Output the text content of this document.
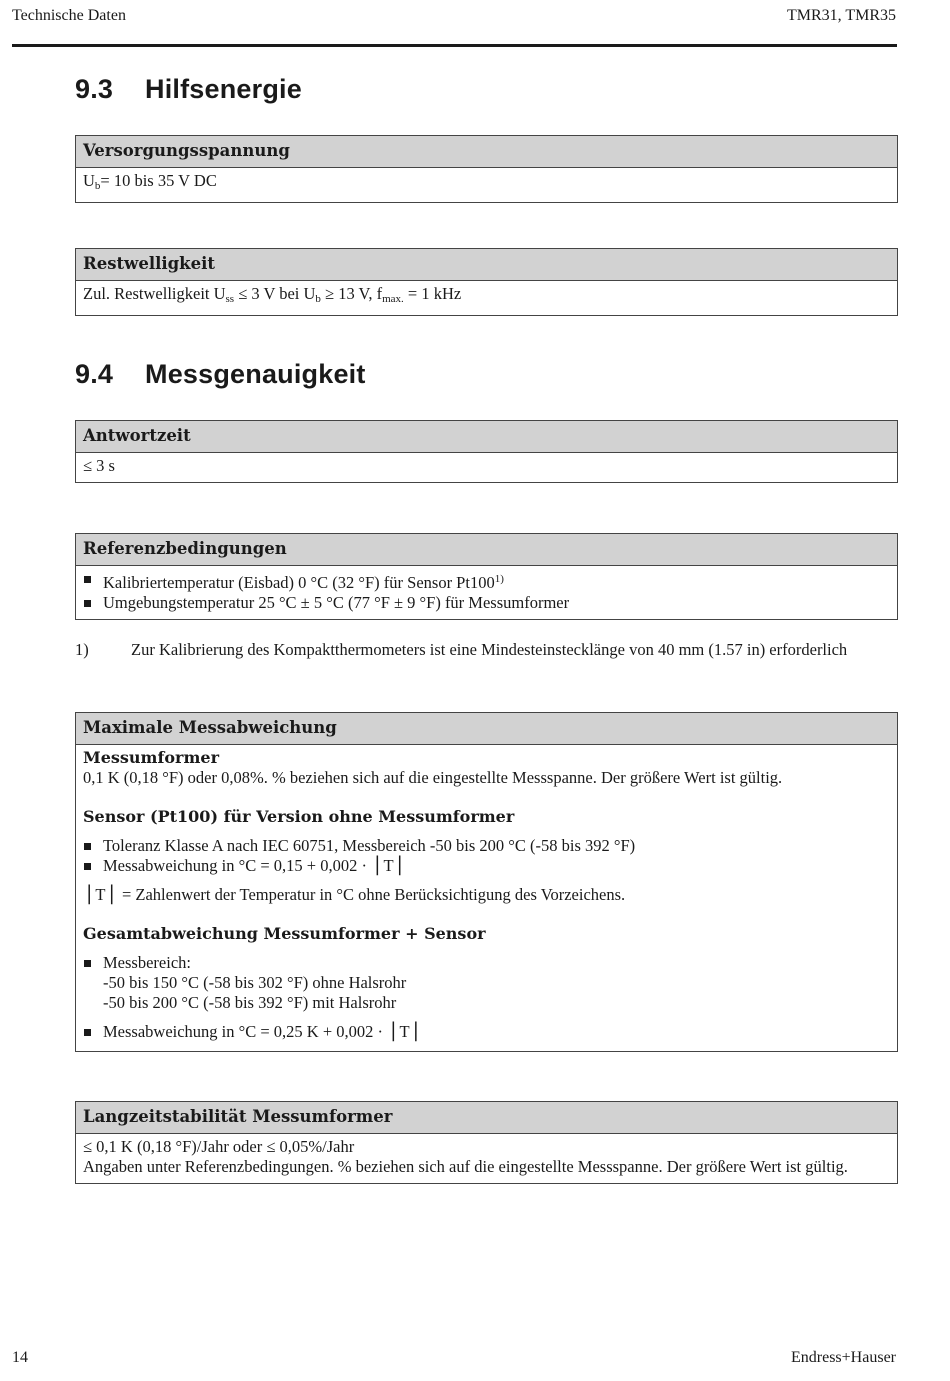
Technische Daten	TMR31, TMR35
9.3 Hilfsenergie
Versorgungsspannung
$U_b= 10$ bis 35 V DC
Restwelligkeit
Zul. Restwelligkeit $U_{ss} \le 3$ V bei $U_b \ge 13$ V, $f_{max.} = 1$ kHz
9.4 Messgenauigkeit
Antwortzeit
≤ 3 s
Referenzbedingungen
Kalibriertemperatur (Eisbad) 0 °C (32 °F) für Sensor Pt100$^{1)}$
Umgebungstemperatur 25 °C ± 5 °C (77 °F ± 9 °F) für Messumformer
1)	Zur Kalibrierung des Kompaktthermometers ist eine Mindesteinstecklänge von 40 mm (1.57 in) erforderlich
Maximale Messabweichung
Messumformer
0,1 K (0,18 °F) oder 0,08%. % beziehen sich auf die eingestellte Messspanne. Der größere Wert ist gültig.
Sensor (Pt100) für Version ohne Messumformer
Toleranz Klasse A nach IEC 60751, Messbereich -50 bis 200 °C (-58 bis 392 °F)
Messabweichung in °C = 0,15 + 0,002 · ⎪T⎪
⎪T⎪ = Zahlenwert der Temperatur in °C ohne Berücksichtigung des Vorzeichens.
Gesamtabweichung Messumformer + Sensor
Messbereich:
-50 bis 150 °C (-58 bis 302 °F) ohne Halsrohr
-50 bis 200 °C (-58 bis 392 °F) mit Halsrohr
Messabweichung in °C = 0,25 K + 0,002 · ⎪T⎪
Langzeitstabilität Messumformer
≤ 0,1 K (0,18 °F)/Jahr oder ≤ 0,05%/Jahr
Angaben unter Referenzbedingungen. % beziehen sich auf die eingestellte Messspanne. Der größere Wert ist gültig.
14	Endress+Hauser
